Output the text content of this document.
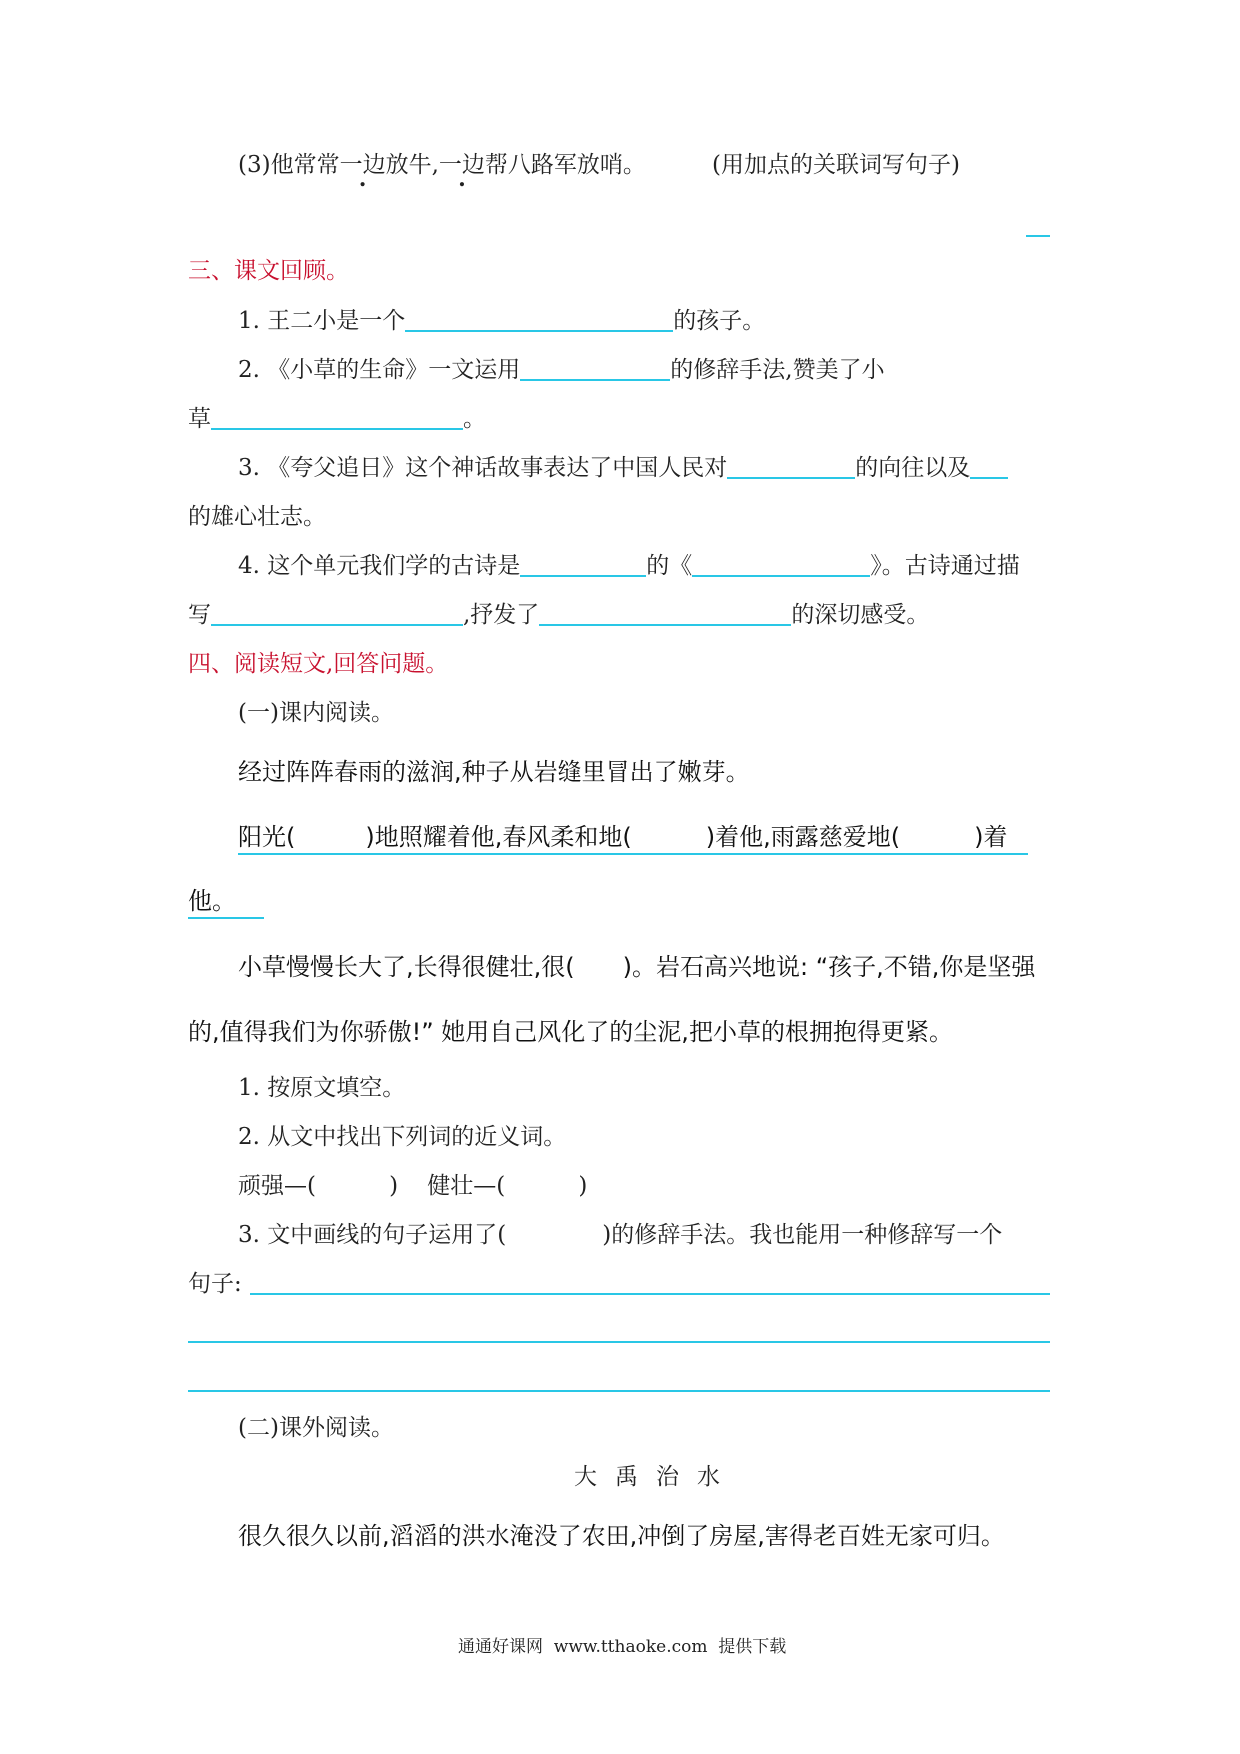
(3)他常常一边放牛,一边帮八路军放哨。	(用加点的关联词写句子)
三、课文回顾。
1. 王二小是一个	的孩子。
2. 《小草的生命》一文运用	的修辞手法,赞美了小
草	。
3. 《夸父追日》这个神话故事表达了中国人民对	的向往以及
的雄心壮志。
4. 这个单元我们学的古诗是	的《	》。古诗通过描
写	,抒发了	的深切感受。
四、阅读短文,回答问题。
(一)课内阅读。
经过阵阵春雨的滋润,种子从岩缝里冒出了嫩芽。
阳光(	)地照耀着他,春风柔和地(	)着他,雨露慈爱地(	)着
他。
小草慢慢长大了,长得很健壮,很( )。岩石高兴地说: “孩子,不错,你是坚强
的,值得我们为你骄傲!” 她用自己风化了的尘泥,把小草的根拥抱得更紧。
1. 按原文填空。
2. 从文中找出下列词的近义词。
顽强—(          )    健壮—(          )
3. 文中画线的句子运用了(	)的修辞手法。我也能用一种修辞写一个
句子:
(二)课外阅读。
大禹治水
很久很久以前,滔滔的洪水淹没了农田,冲倒了房屋,害得老百姓无家可归。
通通好课网  www.tthaoke.com  提供下载
